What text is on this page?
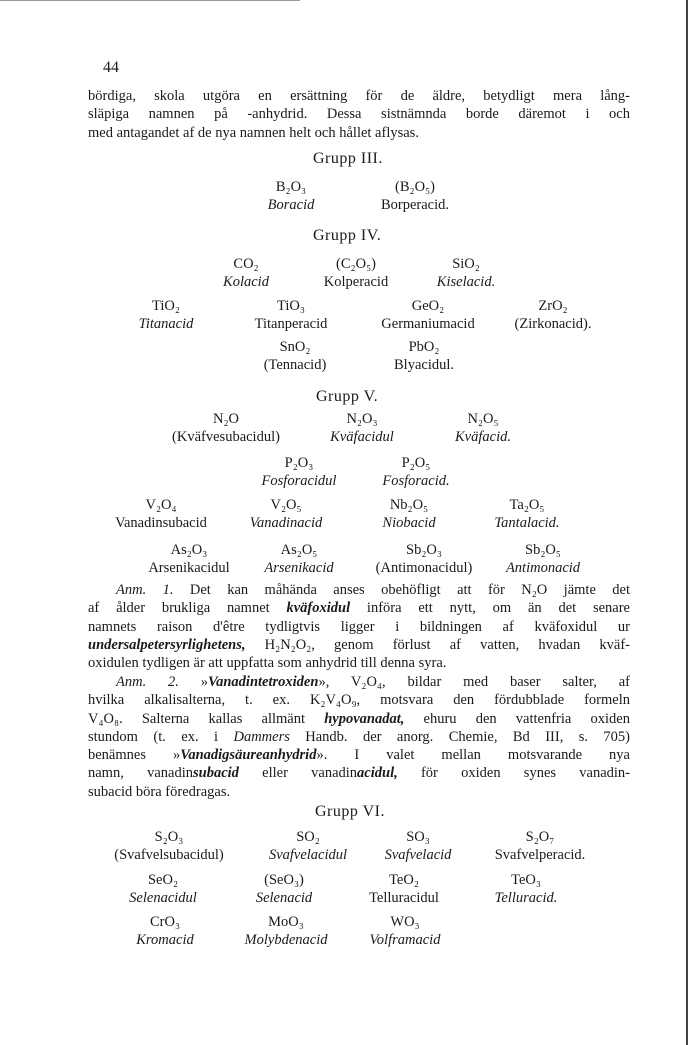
44
bördiga, skola utgöra en ersättning för de äldre, betydligt mera lång-
släpiga namnen på -anhydrid. Dessa sistnämnda borde däremot i och
med antagandet af de nya namnen helt och hållet aflysas.
Grupp III.
B₂O₃
Boracid
(B₂O₅)
Borperacid.
Grupp IV.
CO₂
Kolacid
(C₂O₅)
Kolperacid
SiO₂
Kiselacid.
TiO₂
Titanacid
TiO₃
Titanperacid
GeO₂
Germaniumacid
ZrO₂
(Zirkonacid).
SnO₂
(Tennacid)
PbO₂
Blyacidul.
Grupp V.
N₂O
(Kväfvesubacidul)
N₂O₃
Kväfacidul
N₂O₅
Kväfacid.
P₂O₃
Fosforacidul
P₂O₅
Fosforacid.
V₂O₄
Vanadinsubacid
V₂O₅
Vanadinacid
Nb₂O₅
Niobacid
Ta₂O₅
Tantalacid.
As₂O₃
Arsenikacidul
As₂O₅
Arsenikacid
Sb₂O₃
(Antimonacidul)
Sb₂O₅
Antimonacid
Anm. 1. Det kan måhända anses obehöfligt att för N₂O jämte det
af ålder brukliga namnet kväfoxidul införa ett nytt, om än det senare
namnets raison d'être tydligtvis ligger i bildningen af kväfoxidul ur
undersalpetersyrlighetens, H₂N₂O₂, genom förlust af vatten, hvadan kväf-
oxidulen tydligen är att uppfatta som anhydrid till denna syra.
Anm. 2. »Vanadintetroxiden», V₂O₄, bildar med baser salter, af
hvilka alkalisalterna, t. ex. K₂V₄O₉, motsvara den fördubblade formeln
V₄O₈. Salterna kallas allmänt hypovanadat, ehuru den vattenfria oxiden
stundom (t. ex. i Dammers Handb. der anorg. Chemie, Bd III, s. 705)
benämnes »Vanadigsäureanhydrid». I valet mellan motsvarande nya
namn, vanadinsubacid eller vanadinacidul, för oxiden synes vanadin-
subacid böra föredragas.
Grupp VI.
S₂O₃
(Svafvelsubacidul)
SO₂
Svafvelacidul
SO₃
Svafvelacid
S₂O₇
Svafvelperacid.
SeO₂
Selenacidul
(SeO₃)
Selenacid
TeO₂
Telluracidul
TeO₃
Telluracid.
CrO₃
Kromacid
MoO₃
Molybdenacid
WO₃
Volframacid
